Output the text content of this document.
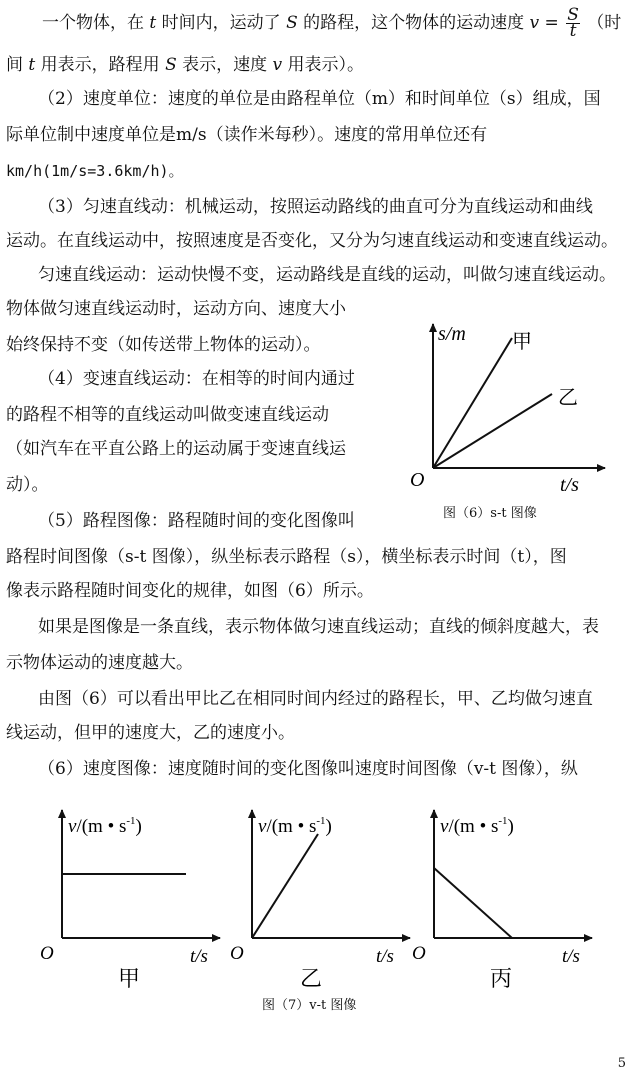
一个物体，在 t 时间内，运动了 S 的路程，这个物体的运动速度 $v = \frac{S}{t}$ （时
间 t 用表示，路程用 S 表示，速度 v 用表示）。
（2）速度单位：速度的单位是由路程单位（m）和时间单位（s）组成，国
际单位制中速度单位是m/s（读作米每秒）。速度的常用单位还有
km/h(1m/s=3.6km/h)。
（3）匀速直线动：机械运动，按照运动路线的曲直可分为直线运动和曲线
运动。在直线运动中，按照速度是否变化，又分为匀速直线运动和变速直线运动。
匀速直线运动：运动快慢不变，运动路线是直线的运动，叫做匀速直线运动。
物体做匀速直线运动时，运动方向、速度大小
始终保持不变（如传送带上物体的运动）。
（4）变速直线运动：在相等的时间内通过
的路程不相等的直线运动叫做变速直线运动
（如汽车在平直公路上的运动属于变速直线运
动）。
（5）路程图像：路程随时间的变化图像叫
路程时间图像（s-t 图像），纵坐标表示路程（s），横坐标表示时间（t），图
像表示路程随时间变化的规律，如图（6）所示。
如果是图像是一条直线，表示物体做匀速直线运动；直线的倾斜度越大，表
示物体运动的速度越大。
由图（6）可以看出甲比乙在相同时间内经过的路程长，甲、乙均做匀速直
线运动，但甲的速度大，乙的速度小。
（6）速度图像：速度随时间的变化图像叫速度时间图像（v-t 图像），纵
s/m
t/s
O
甲
乙
图（6）s-t 图像
v/(m • $s^{-1}$)
O	t/s
甲
v/(m • $s^{-1}$)
O	t/s
乙
v/(m • $s^{-1}$)
O	t/s
丙
图（7）v-t 图像
5
